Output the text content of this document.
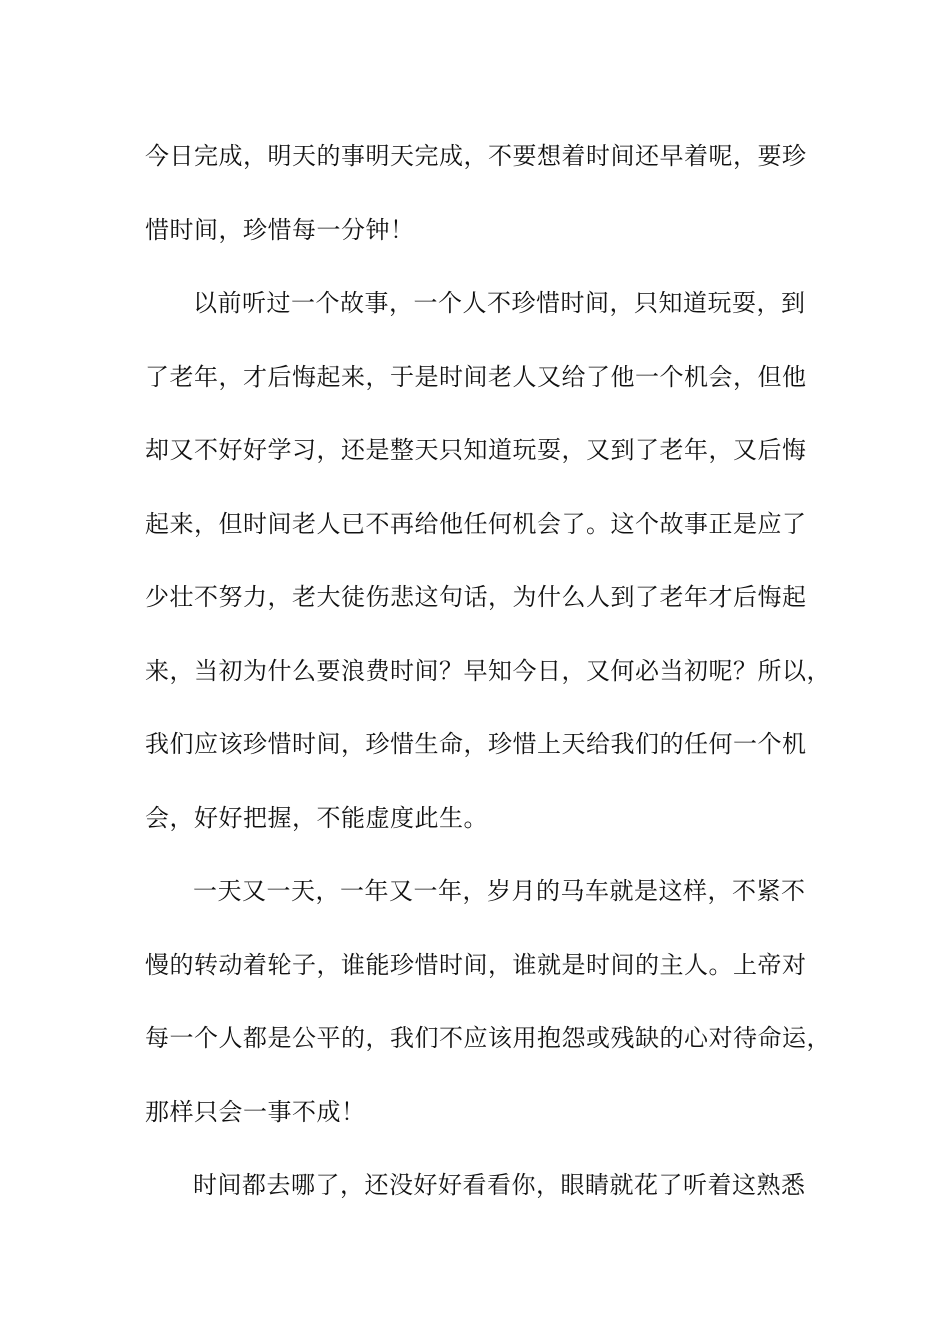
今日完成，明天的事明天完成，不要想着时间还早着呢，要珍
惜时间，珍惜每一分钟！
以前听过一个故事，一个人不珍惜时间，只知道玩耍，到
了老年，才后悔起来，于是时间老人又给了他一个机会，但他
却又不好好学习，还是整天只知道玩耍，又到了老年，又后悔
起来，但时间老人已不再给他任何机会了。这个故事正是应了
少壮不努力，老大徒伤悲这句话，为什么人到了老年才后悔起
来，当初为什么要浪费时间？早知今日，又何必当初呢？所以，
我们应该珍惜时间，珍惜生命，珍惜上天给我们的任何一个机
会，好好把握，不能虚度此生。
一天又一天，一年又一年，岁月的马车就是这样，不紧不
慢的转动着轮子，谁能珍惜时间，谁就是时间的主人。上帝对
每一个人都是公平的，我们不应该用抱怨或残缺的心对待命运，
那样只会一事不成！
时间都去哪了，还没好好看看你，眼睛就花了听着这熟悉
